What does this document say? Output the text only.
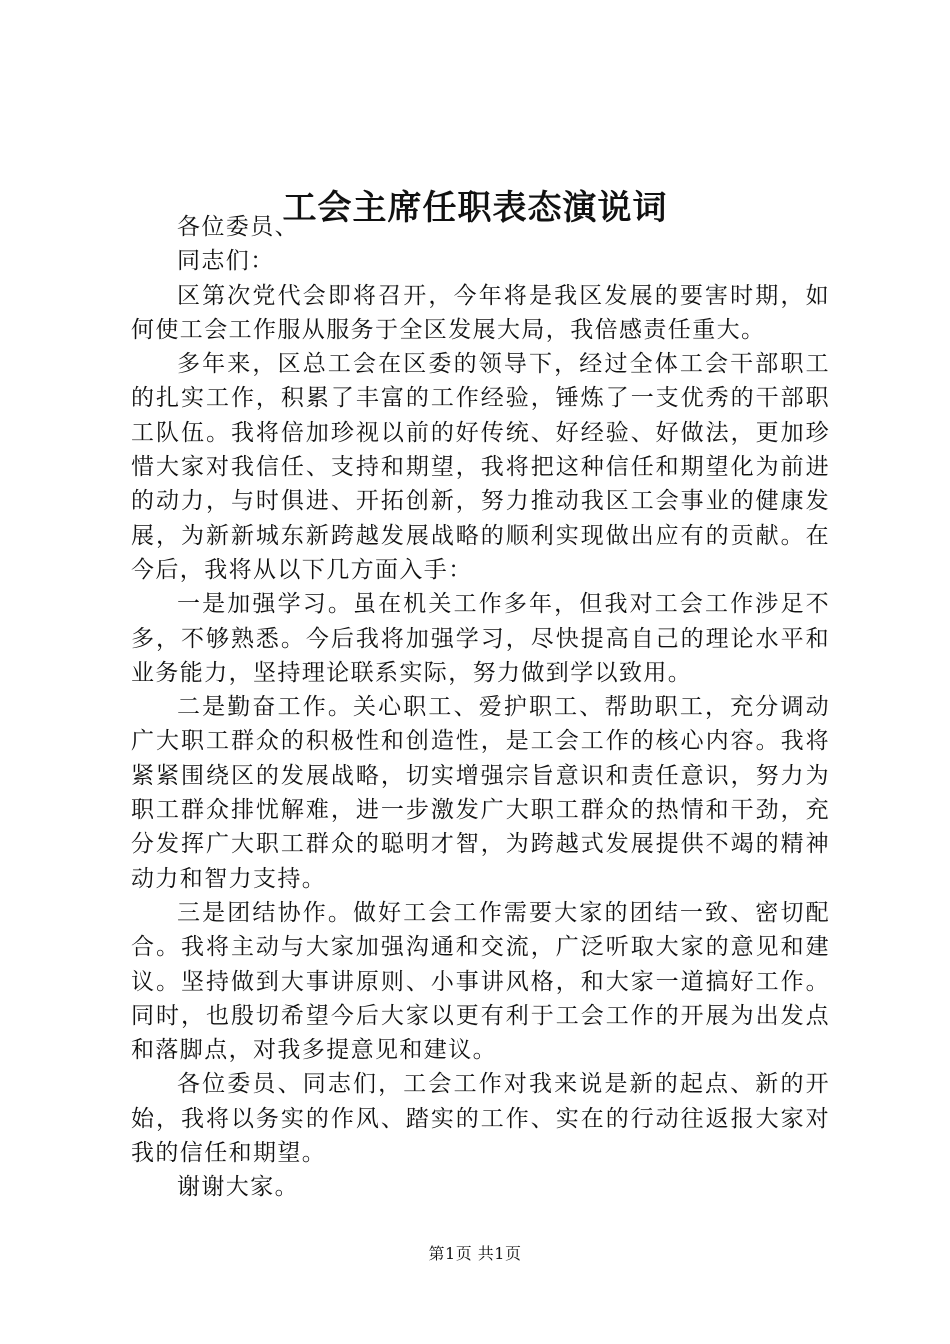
工会主席任职表态演说词

各位委员、

同志们：

区第次党代会即将召开，今年将是我区发展的要害时期，如何使工会工作服从服务于全区发展大局，我倍感责任重大。

多年来，区总工会在区委的领导下，经过全体工会干部职工的扎实工作，积累了丰富的工作经验，锤炼了一支优秀的干部职工队伍。我将倍加珍视以前的好传统、好经验、好做法，更加珍惜大家对我信任、支持和期望，我将把这种信任和期望化为前进的动力，与时俱进、开拓创新，努力推动我区工会事业的健康发展，为新新城东新跨越发展战略的顺利实现做出应有的贡献。在今后，我将从以下几方面入手：

一是加强学习。虽在机关工作多年，但我对工会工作涉足不多，不够熟悉。今后我将加强学习，尽快提高自己的理论水平和业务能力，坚持理论联系实际，努力做到学以致用。

二是勤奋工作。关心职工、爱护职工、帮助职工，充分调动广大职工群众的积极性和创造性，是工会工作的核心内容。我将紧紧围绕区的发展战略，切实增强宗旨意识和责任意识，努力为职工群众排忧解难，进一步激发广大职工群众的热情和干劲，充分发挥广大职工群众的聪明才智，为跨越式发展提供不竭的精神动力和智力支持。

三是团结协作。做好工会工作需要大家的团结一致、密切配合。我将主动与大家加强沟通和交流，广泛听取大家的意见和建议。坚持做到大事讲原则、小事讲风格，和大家一道搞好工作。同时，也殷切希望今后大家以更有利于工会工作的开展为出发点和落脚点，对我多提意见和建议。

各位委员、同志们，工会工作对我来说是新的起点、新的开始，我将以务实的作风、踏实的工作、实在的行动往返报大家对我的信任和期望。

谢谢大家。

第1页 共1页
